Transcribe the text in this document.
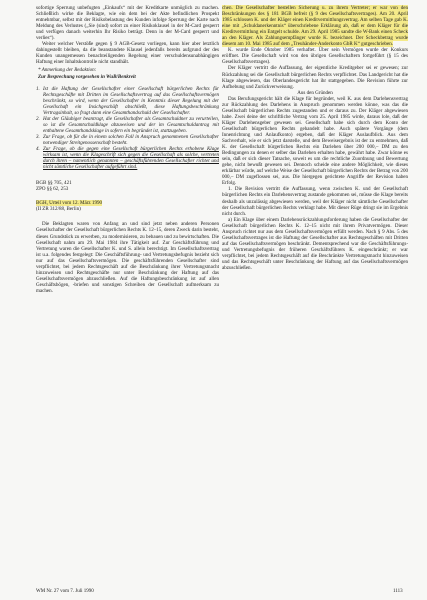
sofortige Sperrung unbefugten „Einkaufs“ mit der Kreditkarte unmöglich zu machen. Schließlich wirke die Beklagte, wie ein dem bei der Akte befindlichen Prospekt entnehmbar, selbst mit der Risikobelastung des Kunden infolge Sperrung der Karte nach Meldung des Verlustes („Sie (sind) sofort zu einer Risikoklausel in der M-Card gesperrt und verfügen danach weiterhin Ihr Risiko beträgt. Denn in der M-Card gesperrt und verlies“).

Weiter welcher Verstöße gegen § 9 AGB-Gesetz vorliegen, kann hier aber letztlich dahingestellt bleiben, da die beanstandete Klausel jedenfalls bereits aufgrund der des Kunden unangemessen benachteiligenden Regelung einer verschuldensunabhängigen Haftung einer Inhaltskontrolle nicht standhält.

* Anmerkung der Redaktion:

Zur Besprechung vorgesehen in WuB/Benkreit

1. Ist die Haftung der Gesellschafter einer Gesellschaft bürgerlichen Rechts für Rechtsgeschäfte mit Dritten im Gesellschaftsvertrag auf das Gesellschaftsvermögen beschränkt, so wird, wenn der Gesellschafter in Kenntnis dieser Regelung mit der Gesellschaft ein Insichgeschäft abschließt, diese Haftungsbeschränkung Vertragsinhalt, so fragt dann eine Gesamthandschuld der Gesellschafter.

2. Hat der Gläubiger beantragt, die Gesellschafter als Gesamtschuldner zu verurteilen, so ist die Gesamtschuldklage abzuweisen und der im Gesamtschuldantrag mit enthaltene Gesamthandsklage in sofern ein begründet ist, stattzugeben.

3. Zur Frage, ob für die in einem solchen Fall in Anspruch genommenen Gesellschafter notwendiger Streitgenossenschaft besteht.

4. Zur Frage, ob die gegen eine Gesellschaft bürgerlichen Rechts erhobene Klage wirksam ist, wenn die Klageschrift sich gegen die Gesellschaft als solche, vertreten durch ihren – namentlich genannten – geschäftsführenden Gesellschafter richtet und nicht sämtliche Gesellschafter aufgeführt sind.

BGB §§ 705, 421

ZPO §§ 62, 253

BGH, Urteil vom 12. März 1990

(II ZR 312/88, Berlin)

Die Beklagten waren von Anfang an und sind jetzt neben anderen Personen Gesellschafter der Gesellschaft bürgerlichen Rechts K. 12–15, deren Zweck darin besteht, dieses Grundstück zu erwerben, zu modernisieren, zu bebauen und zu bewirtschaften. Die Gesellschaft nahm am 29. Mai 1984 ihre Tätigkeit auf. Zur Geschäftsführung und Vertretung waren die Gesellschafter K. und S. allein berechtigt. Im Gesellschaftsvertrag ist u.a. folgendes festgelegt: Die Geschäftsführung- und Vertretungsbefugnis bezieht sich nur auf das Gesellschaftsvermögen. Die geschäftsführenden Gesellschafter sind verpflichtet, bei jedem Rechtsgeschäft auf die Beschränkung ihrer Vertretungsmacht hinzuweisen und Rechtsgeschäfte nur unter Beschränkung der Haftung auf das Gesellschaftsvermögen abzuschließen. Auf die Haftungsbeschränkung ist auf allen Geschäftsbögen, -briefen und sonstigen Schreiben der Gesellschaft aufmerksam zu machen.

chen. Die Gesellschafter bestellen Sicherung u. zu ihrem Vertreter; er war von den Beschränkungen des § 181 BGB befreit (§ 9 des Gesellschaftsvertrages). Am 20. April 1985 schlossen K. und der Kläger einen Kreditvermittlungsvertrag. Am selben Tage gab K. eine mit „Schuldanerkenntnis“ überschriebene Erklärung ab, daß er dem Kläger für die Kreditvermittlung ein Entgelt schulde. Am 29. April 1985 sandte die W-Bank einen Scheck an den Kläger. Als Zahlungsempfänger wurde K. bezeichnet. Der Scheckbetrag wurde diesem am 10. Mai 1985 auf dem „Treuhänder-Anderkonto GbR K“ gutgeschrieben.

K. wurde Ende Oktober 1985 verhaftet. Über sein Vermögen wurde der Konkurs eröffnet. Die Gesellschaft wird von den übrigen Gesellschaftern fortgeführt (§ 15 des Gesellschaftsvertrages).

Der Kläger vertritt die Auffassung, der eigentliche Kreditgeber sei er gewesen; zur Rückzahlung sei die Gesellschaft bürgerlichen Rechts verpflichtet. Das Landgericht hat die Klage abgewiesen, das Oberlandesgericht hat ihr stattgegeben. Die Revision führte zur Aufhebung und Zurückverweisung.

Aus den Gründen

Das Berufungsgericht hält die Klage für begründet, weil K. aus dem Darlehensvertrag zur Rückzahlung des Darlehens in Anspruch genommen werden könne, was das die Gesellschaft bürgerlichen Rechts zugestanden und er daraus zu. Der Kläger abgewiesen habe. Zwei deine der schriftliche Vertrag vom 25. April 1985 wirde, daraus lole, daß der Kläger Darlehensgeber gewesen sei. Gesellschaft habe sich durch dem Konto der Gesellschaft bürgerlichen Rechts gehandelt habe. Auch spätere Vorgänge (dem Innenrichtung und Anlaufkonto) ergeben, daß der Kläger Auslaufblick. Aus dem Sachverhalt, wie er sich jetzt darstelle, und dem Beweisergebnis ist der zu entnehmen, daß K. der Gesellschaft bürgerlichen Rechts ein Darlehen über 200 000,– DM zu den Bedingungen zu denen er selber das Darlehen erhalten habe, gewährt habe. Zwar könne es sein, daß er sich dieser Tatsache, soweit es um die rechtliche Zuordnung und Bewertung gehe, nicht bewußt gewesen sei. Dennoch scheide eine andere Möglichkeit, wie dieses erklärbar würde, auf welche Weise der Gesellschaft bürgerlichen Rechts der Betrag von 200 000,– DM zugeflossen sei, aus. Die hiergegen gerichtete Angriffe der Revision haben Erfolg.

1. Die Revision vertritt die Auffassung, wenn zwischen K. und der Gesellschaft bürgerlichen Rechts ein Darlehensvertrag zustande gekommen sei, müsse die Klage bereits deshalb als unzulässig abgewiesen werden, weil der Kläger nicht sämtliche Gesellschafter der Gesellschaft bürgerlichen Rechts verklagt habe. Mit dieser Rüge dringt sie im Ergebnis nicht durch.

a) Ein Klage über einem Darlehensrückzahlungsforderung haben die Gesellschafter der Gesellschaft bürgerlichen Rechts K. 12–15 nicht mit ihrem Privatvermögen. Dieser Anspruch richtet nur aus dem Gesellschaftsvermögen erfüllt werden. Nach § 9 Abs. 5 des Gesellschaftsvertrages ist die Haftung der Gesellschafter aus Rechtsgeschäften mit Dritten auf das Gesellschaftsvermögen beschränkt. Dementsprechend war die Geschäftsführungs- und Vertretungsbefugnis der früheren Geschäftsführers K. eingeschränkt; er war verpflichtet, bei jedem Rechtsgeschäft auf die Beschränkte Vertretungsmacht hinzuweisen und das Rechtsgeschäft unter Beschränkung der Haftung auf das Gesellschaftsvermögen abzuschließen.

WM Nr. 27 vom 7. Juli 1990	1113
